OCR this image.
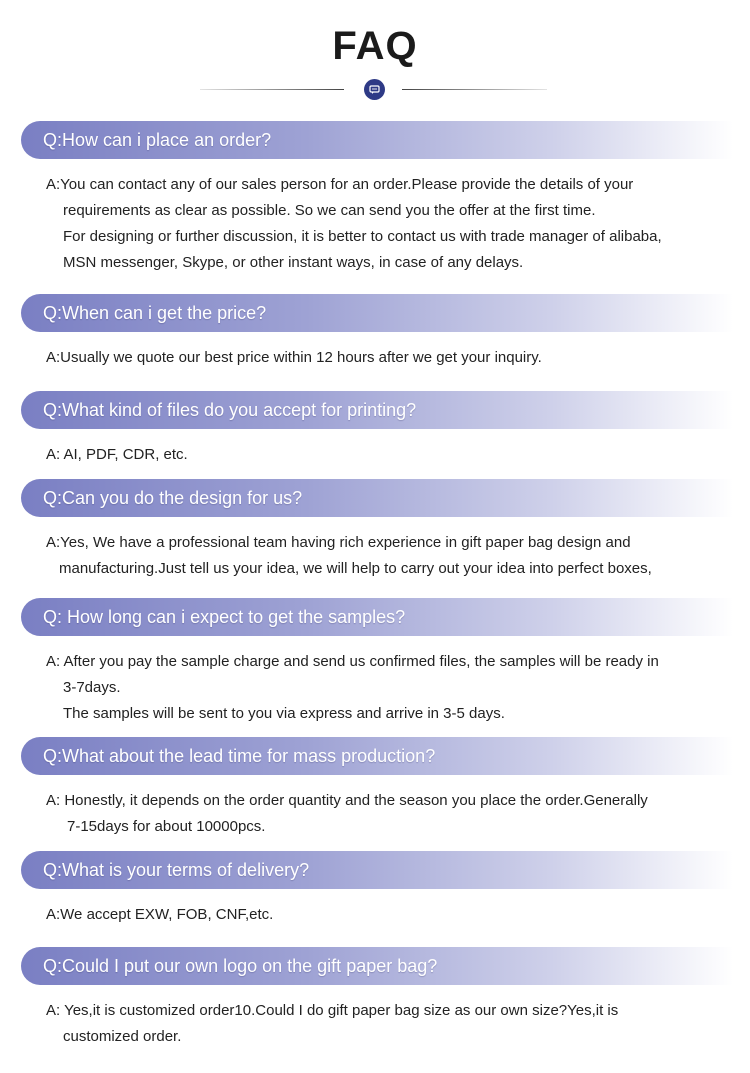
FAQ
Q:How can i place an order?

A:You can contact any of our sales person for an order.Please provide the details of your

requirements as clear as possible. So we can send you the offer at the first time.

For designing or further discussion, it is better to contact us with trade manager of alibaba,

MSN messenger, Skype, or other instant ways, in case of any delays.

Q:When can i get the price?

A:Usually we quote our best price within 12 hours after we get your inquiry.

Q:What kind of files do you accept for printing?

A: AI, PDF, CDR, etc.

Q:Can you do the design for us?

A:Yes, We have a professional team having rich experience in gift paper bag design and

manufacturing.Just tell us your idea, we will help to carry out your idea into perfect boxes,

Q: How long can i expect to get the samples?

A: After you pay the sample charge and send us confirmed files, the samples will be ready in

3-7days.

The samples will be sent to you via express and arrive in 3-5 days.

Q:What about the lead time for mass production?

A: Honestly, it depends on the order quantity and the season you place the order.Generally

7-15days for about 10000pcs.

Q:What is your terms of delivery?

A:We accept EXW, FOB, CNF,etc.

Q:Could I put our own logo on the gift paper bag?

A: Yes,it is customized order10.Could I do gift paper bag size as our own size?Yes,it is

customized order.
